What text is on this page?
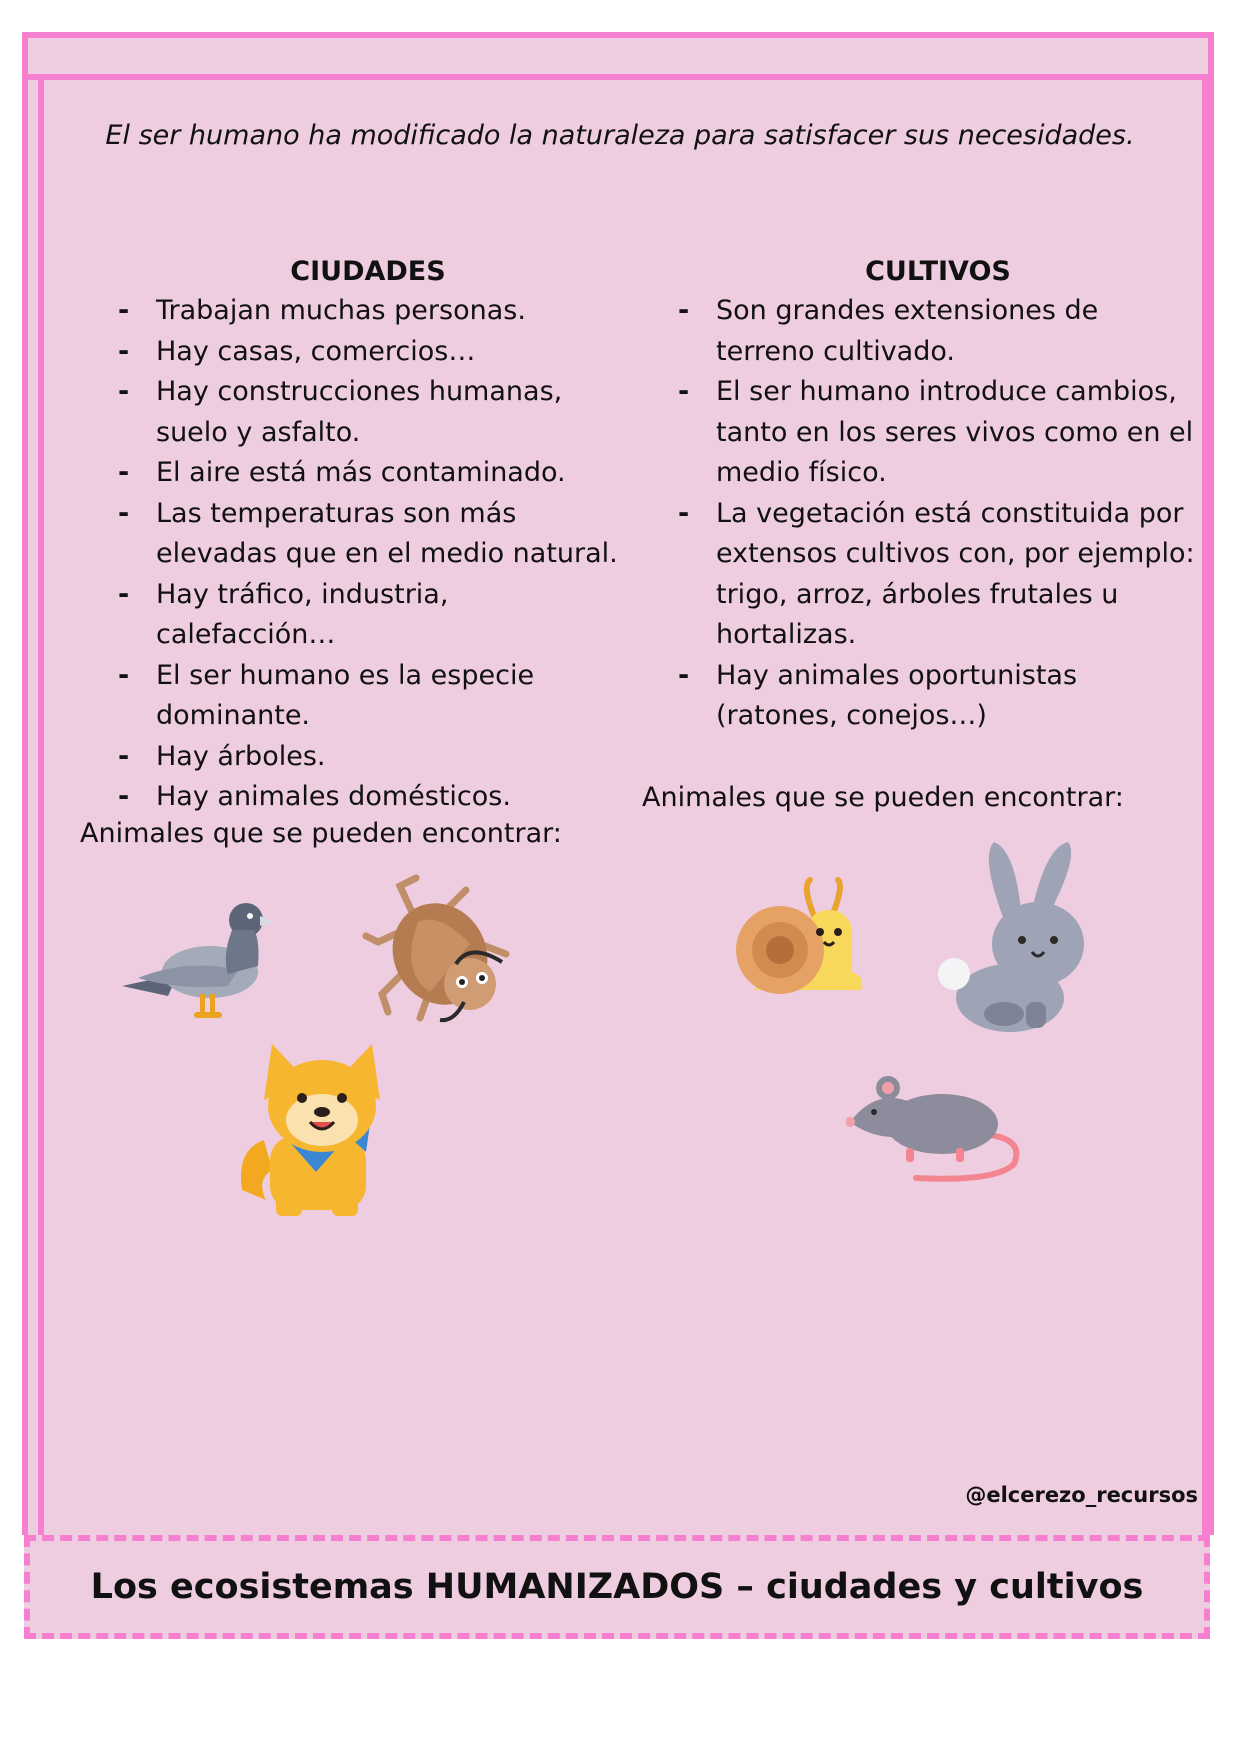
El ser humano ha modificado la naturaleza para satisfacer sus necesidades.
CIUDADES
- Trabajan muchas personas.
- Hay casas, comercios…
- Hay construcciones humanas, suelo y asfalto.
- El aire está más contaminado.
- Las temperaturas son más elevadas que en el medio natural.
- Hay tráfico, industria, calefacción…
- El ser humano es la especie dominante.
- Hay árboles.
- Hay animales domésticos.
CULTIVOS
- Son grandes extensiones de terreno cultivado.
- El ser humano introduce cambios, tanto en los seres vivos como en el medio físico.
- La vegetación está constituida por extensos cultivos con, por ejemplo: trigo, arroz, árboles frutales u hortalizas.
- Hay animales oportunistas (ratones, conejos…)
Animales que se pueden encontrar:
Animales que se pueden encontrar:
@elcerezo_recursos
Los ecosistemas HUMANIZADOS – ciudades y cultivos
